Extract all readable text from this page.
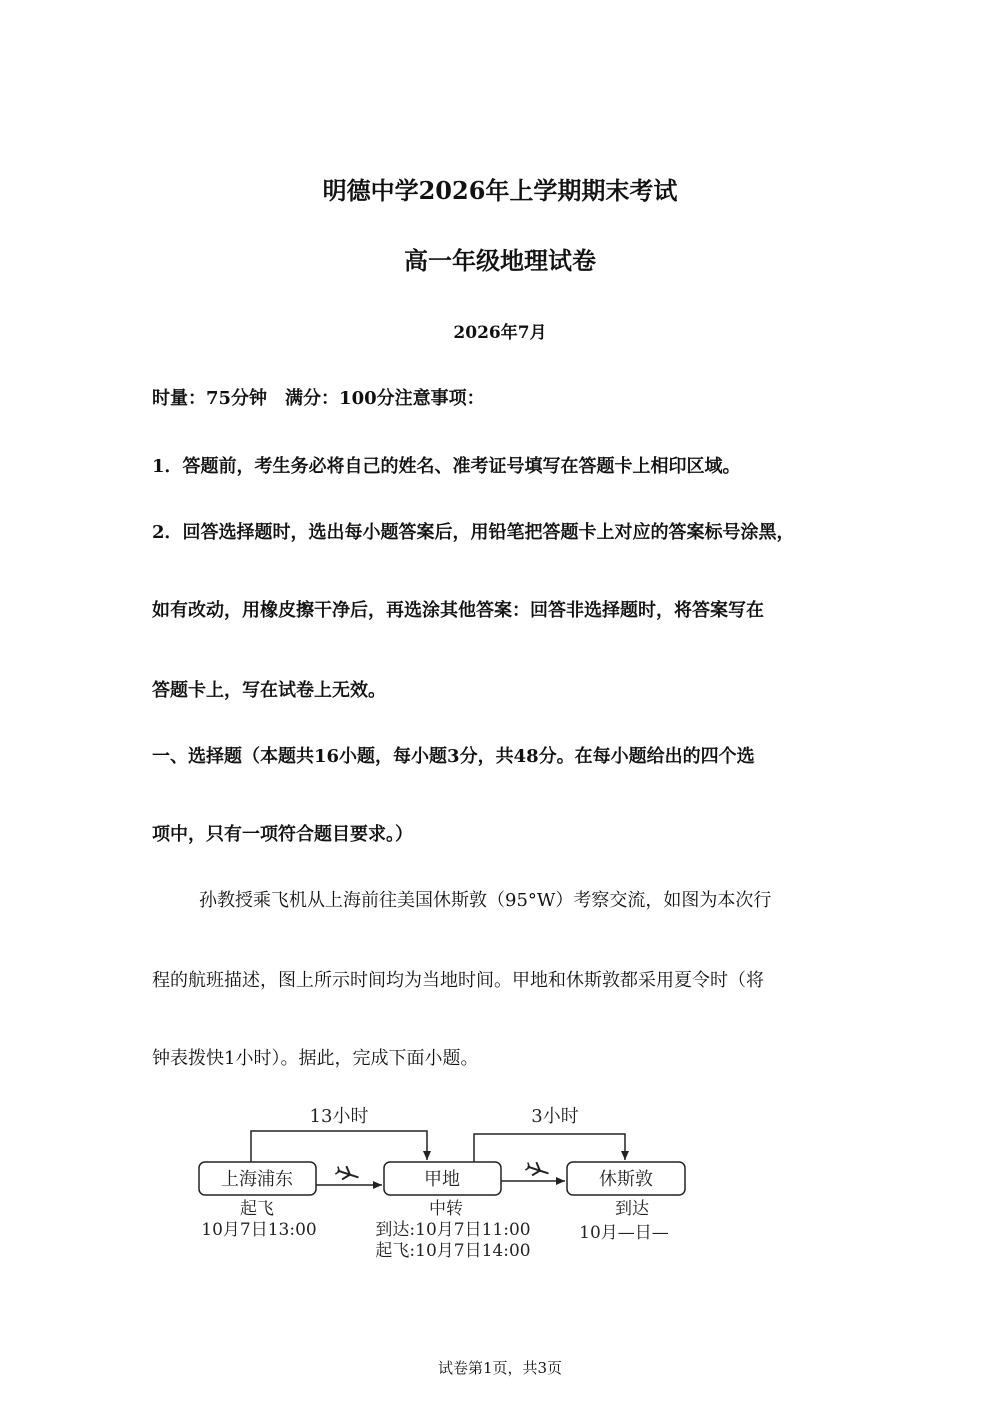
明德中学2026年上学期期末考试
高一年级地理试卷
2026年7月
时量：75分钟　满分：100分注意事项：
1．答题前，考生务必将自己的姓名、准考证号填写在答题卡上相印区域。
2．回答选择题时，选出每小题答案后，用铅笔把答题卡上对应的答案标号涂黑，
如有改动，用橡皮擦干净后，再选涂其他答案：回答非选择题时，将答案写在
答题卡上，写在试卷上无效。
一、选择题（本题共16小题，每小题3分，共48分。在每小题给出的四个选
项中，只有一项符合题目要求。）
孙教授乘飞机从上海前往美国休斯敦（95°W）考察交流，如图为本次行
程的航班描述，图上所示时间均为当地时间。甲地和休斯敦都采用夏令时（将
钟表拨快1小时）。据此，完成下面小题。
13小时	3小时
上海浦东	甲地	休斯敦
起飞
10月7日13:00
中转
到达:10月7日11:00
起飞:10月7日14:00
到达
10月—日—
试卷第1页，共3页
